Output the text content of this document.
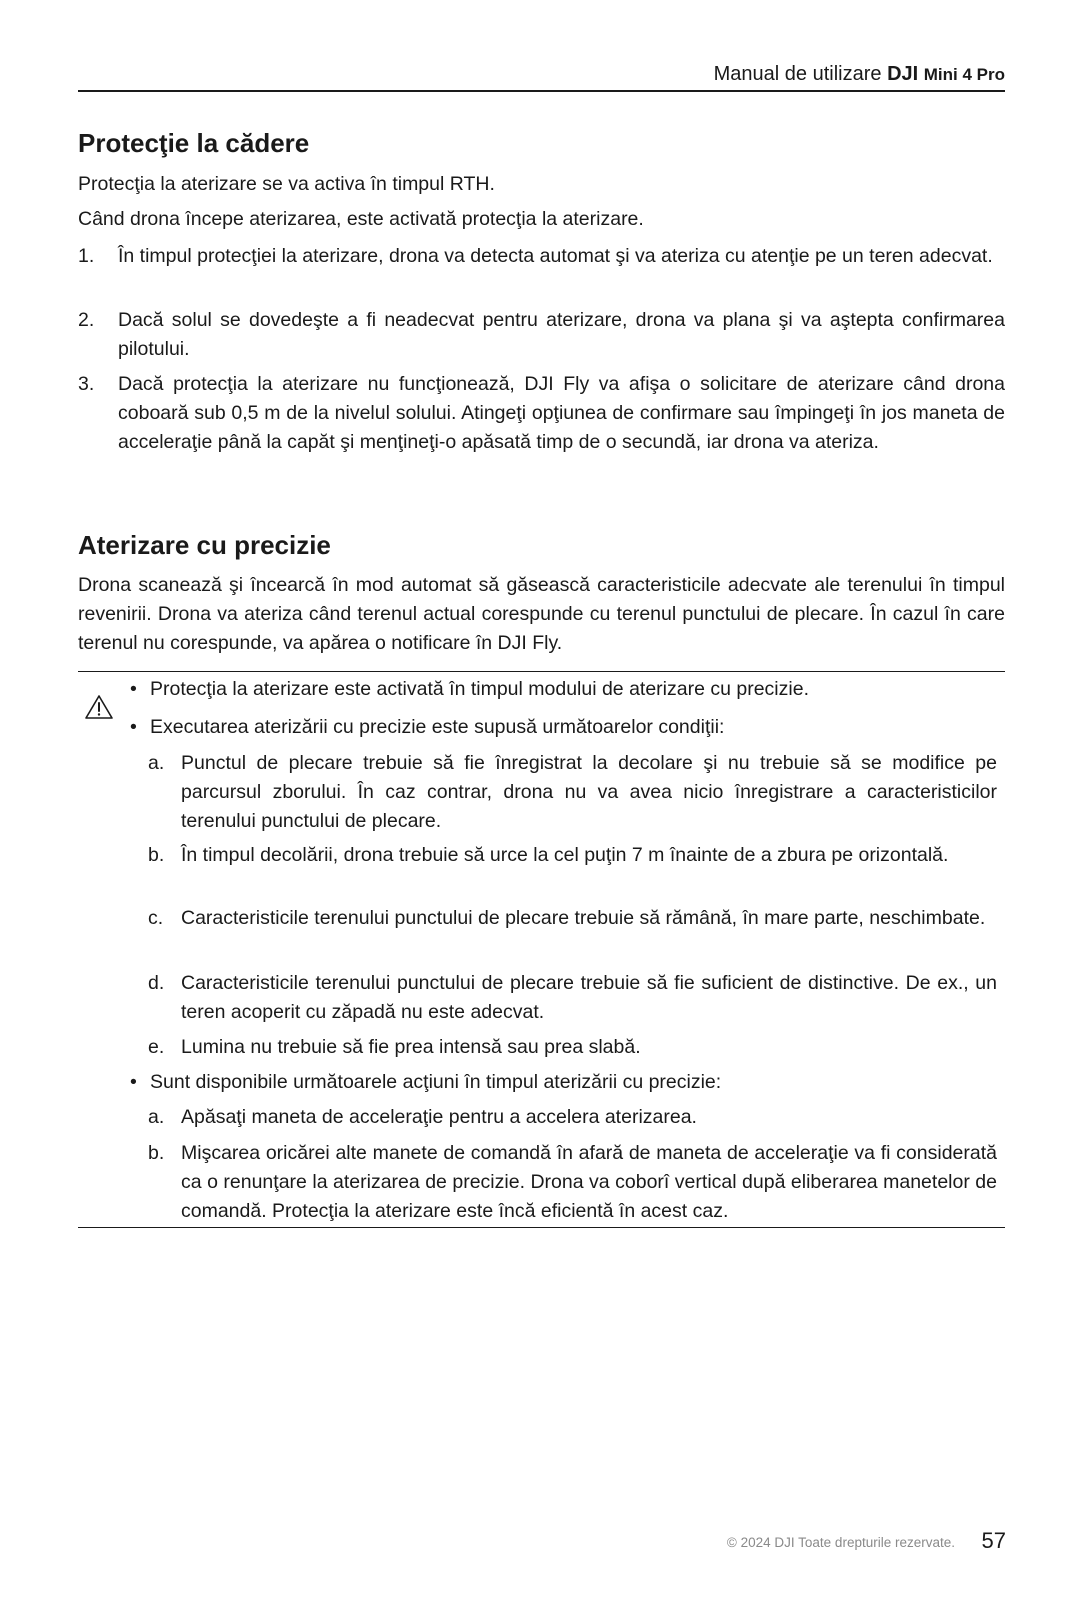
Manual de utilizare DJI Mini 4 Pro
Protecţie la cădere

Protecţia la aterizare se va activa în timpul RTH.

Când drona începe aterizarea, este activată protecţia la aterizare.

1.	În timpul protecţiei la aterizare, drona va detecta automat şi va ateriza cu atenţie pe un teren adecvat.
2.	Dacă solul se dovedeşte a fi neadecvat pentru aterizare, drona va plana şi va aştepta confirmarea pilotului.
3.	Dacă protecţia la aterizare nu funcţionează, DJI Fly va afişa o solicitare de aterizare când drona coboară sub 0,5 m de la nivelul solului. Atingeţi opţiunea de confirmare sau împingeţi în jos maneta de acceleraţie până la capăt şi menţineţi-o apăsată timp de o secundă, iar drona va ateriza.
Aterizare cu precizie

Drona scanează şi încearcă în mod automat să găsească caracteristicile adecvate ale terenului în timpul revenirii. Drona va ateriza când terenul actual corespunde cu terenul punctului de plecare. În cazul în care terenul nu corespunde, va apărea o notificare în DJI Fly.

• Protecţia la aterizare este activată în timpul modului de aterizare cu precizie.
• Executarea aterizării cu precizie este supusă următoarelor condiţii:
a. Punctul de plecare trebuie să fie înregistrat la decolare şi nu trebuie să se modifice pe parcursul zborului. În caz contrar, drona nu va avea nicio înregistrare a caracteristicilor terenului punctului de plecare.
b. În timpul decolării, drona trebuie să urce la cel puţin 7 m înainte de a zbura pe orizontală.
c. Caracteristicile terenului punctului de plecare trebuie să rămână, în mare parte, neschimbate.
d. Caracteristicile terenului punctului de plecare trebuie să fie suficient de distinctive. De ex., un teren acoperit cu zăpadă nu este adecvat.
e. Lumina nu trebuie să fie prea intensă sau prea slabă.
• Sunt disponibile următoarele acţiuni în timpul aterizării cu precizie:
a. Apăsaţi maneta de acceleraţie pentru a accelera aterizarea.
b. Mişcarea oricărei alte manete de comandă în afară de maneta de acceleraţie va fi considerată ca o renunţare la aterizarea de precizie. Drona va coborî vertical după eliberarea manetelor de comandă. Protecţia la aterizare este încă eficientă în acest caz.
© 2024 DJI Toate drepturile rezervate.	57
